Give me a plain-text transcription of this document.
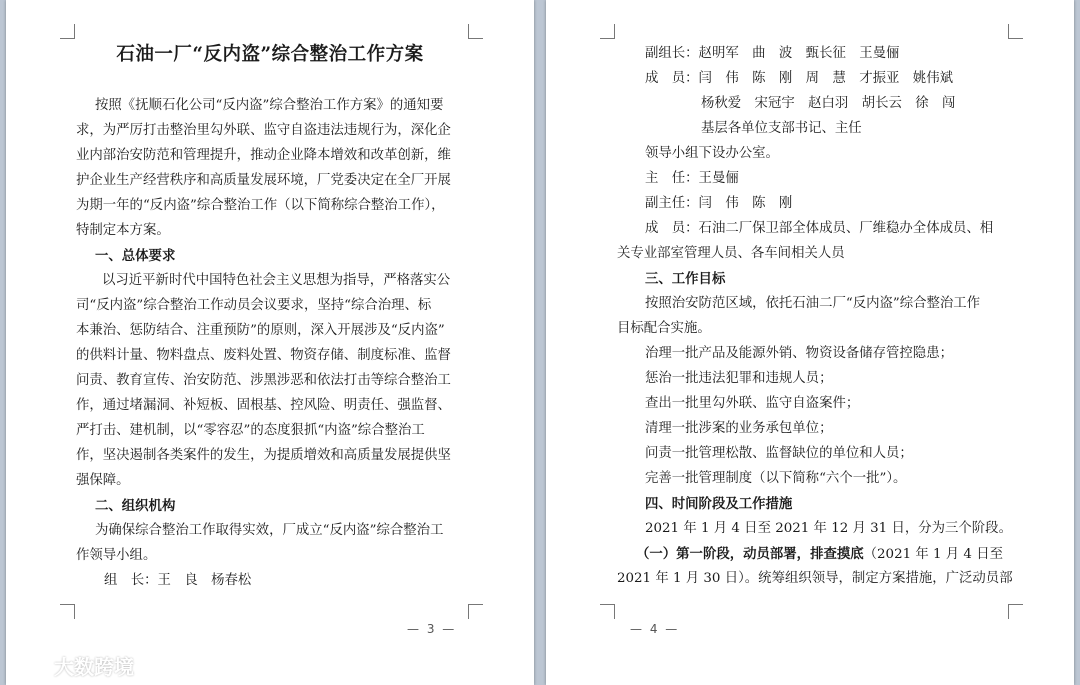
石油一厂“反内盗”综合整治工作方案
按照《抚顺石化公司“反内盗”综合整治工作方案》的通知要
求，为严厉打击整治里勾外联、监守自盗违法违规行为，深化企
业内部治安防范和管理提升，推动企业降本增效和改革创新，维
护企业生产经营秩序和高质量发展环境，厂党委决定在全厂开展
为期一年的“反内盗”综合整治工作（以下简称综合整治工作），
特制定本方案。
一、总体要求
以习近平新时代中国特色社会主义思想为指导，严格落实公
司“反内盗”综合整治工作动员会议要求，坚持“综合治理、标
本兼治、惩防结合、注重预防”的原则，深入开展涉及“反内盗”
的供料计量、物料盘点、废料处置、物资存储、制度标准、监督
问责、教育宣传、治安防范、涉黑涉恶和依法打击等综合整治工
作，通过堵漏洞、补短板、固根基、控风险、明责任、强监督、
严打击、建机制，以“零容忍”的态度狠抓“内盗”综合整治工
作，坚决遏制各类案件的发生，为提质增效和高质量发展提供坚
强保障。
二、组织机构
为确保综合整治工作取得实效，厂成立“反内盗”综合整治工
作领导小组。
组　长：王　良　杨春松
— 3 —
副组长：赵明军　曲　波　甄长征　王曼俪
成　员：闫　伟　陈　刚　周　慧　才振亚　姚伟斌
杨秋爱　宋冠宇　赵白羽　胡长云　徐　闯
基层各单位支部书记、主任
领导小组下设办公室。
主　任：王曼俪
副主任：闫　伟　陈　刚
成　员：石油二厂保卫部全体成员、厂维稳办全体成员、相
关专业部室管理人员、各车间相关人员
三、工作目标
按照治安防范区域，依托石油二厂“反内盗”综合整治工作
目标配合实施。
治理一批产品及能源外销、物资设备储存管控隐患；
惩治一批违法犯罪和违规人员；
查出一批里勾外联、监守自盗案件；
清理一批涉案的业务承包单位；
问责一批管理松散、监督缺位的单位和人员；
完善一批管理制度（以下简称“六个一批”）。
四、时间阶段及工作措施
2021 年 1 月 4 日至 2021 年 12 月 31 日，分为三个阶段。
（一）第一阶段，动员部署，排查摸底（2021 年 1 月 4 日至
2021 年 1 月 30 日）。统筹组织领导，制定方案措施，广泛动员部
— 4 —
大数跨境
